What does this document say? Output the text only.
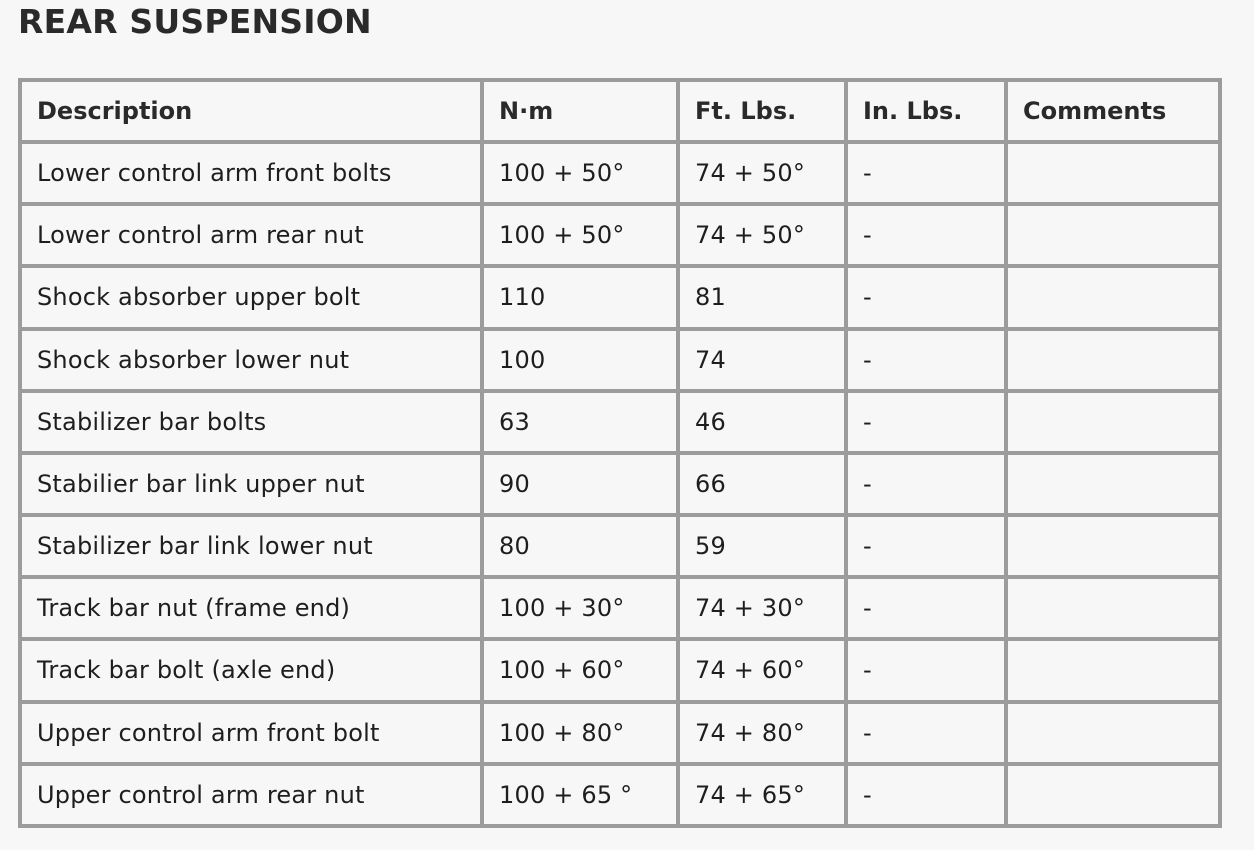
REAR SUSPENSION
Description	N·m	Ft. Lbs.	In. Lbs.	Comments
Lower control arm front bolts	100 + 50°	74 + 50°	-	
Lower control arm rear nut	100 + 50°	74 + 50°	-	
Shock absorber upper bolt	110	81	-	
Shock absorber lower nut	100	74	-	
Stabilizer bar bolts	63	46	-	
Stabilier bar link upper nut	90	66	-	
Stabilizer bar link lower nut	80	59	-	
Track bar nut (frame end)	100 + 30°	74 + 30°	-	
Track bar bolt (axle end)	100 + 60°	74 + 60°	-	
Upper control arm front bolt	100 + 80°	74 + 80°	-	
Upper control arm rear nut	100 + 65 °	74 + 65°	-	
